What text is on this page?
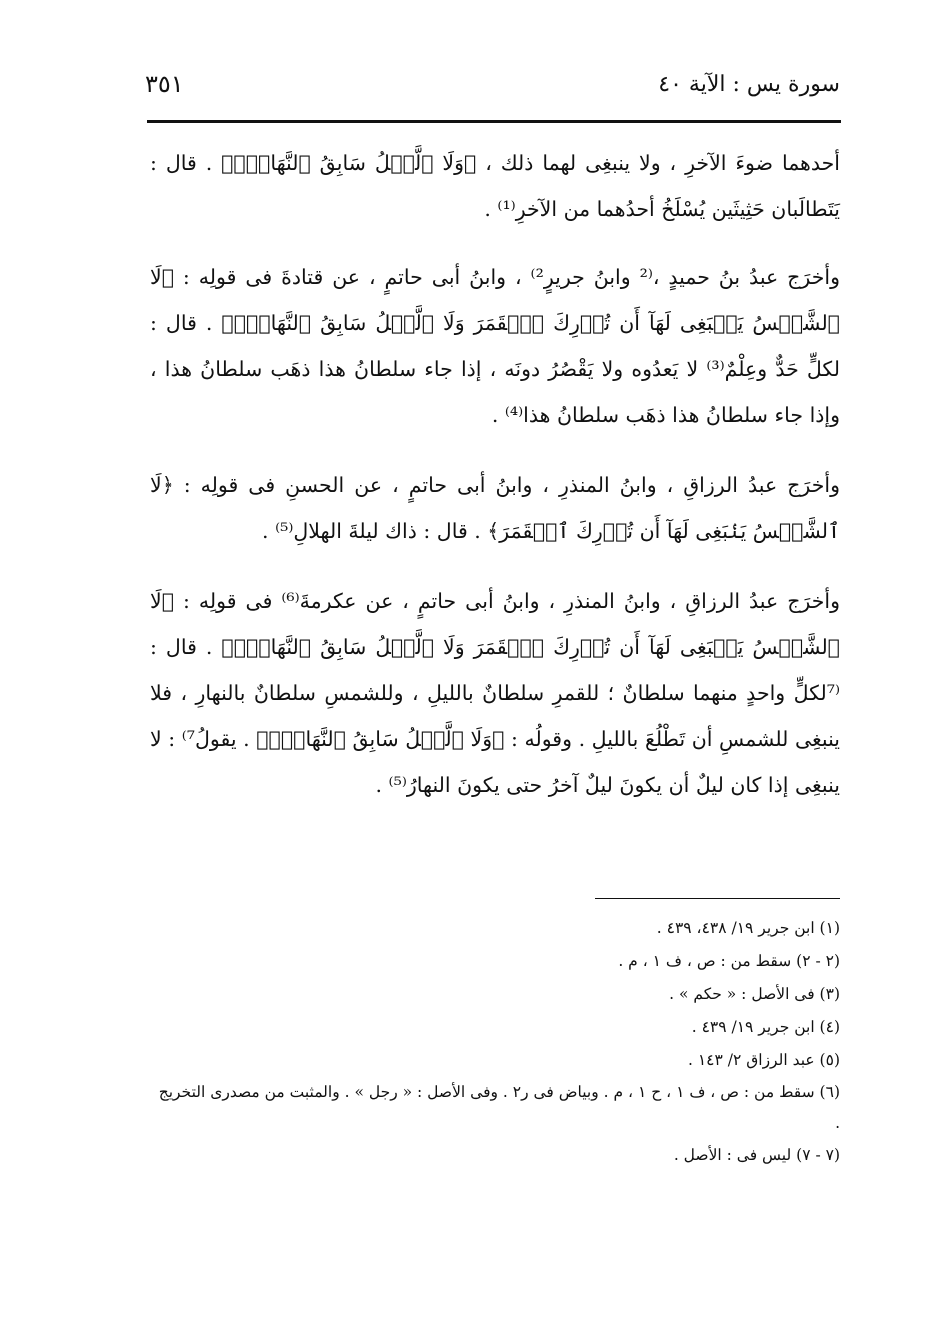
سورة يس : الآية ٤٠
٣٥١

أحدهما ضوءَ الآخرِ ، ولا ينبغِى لهما ذلك ، ﴿وَلَا ٱلَّيۡلُ سَابِقُ ٱلنَّهَارِۚ﴾ . قال : يَتَطالَبان حَثِيثَين يُسْلَخُ أحدُهما من الآخرِ⁽¹⁾ .

وأخرَج عبدُ بنُ حميدٍ ،⁽² وابنُ جريرٍ²⁾ ، وابنُ أبى حاتمٍ ، عن قتادةَ فى قولِه : ﴿لَا ٱلشَّمۡسُ يَنۢبَغِى لَهَآ أَن تُدۡرِكَ ٱلۡقَمَرَ وَلَا ٱلَّيۡلُ سَابِقُ ٱلنَّهَارِۚ﴾ . قال : لكلٍّ حَدٌّ وعِلْمٌ⁽³⁾ لا يَعدُوه ولا يَقْصُرُ دونَه ، إذا جاء سلطانُ هذا ذهَب سلطانُ هذا ، وإذا جاء سلطانُ هذا ذهَب سلطانُ هذا⁽⁴⁾ .

وأخرَج عبدُ الرزاقِ ، وابنُ المنذرِ ، وابنُ أبى حاتمٍ ، عن الحسنِ فى قولِه : ﴿لَا ٱلشَّمۡسُ يَنۢبَغِى لَهَآ أَن تُدۡرِكَ ٱلۡقَمَرَ﴾ . قال : ذاك ليلةَ الهلالِ⁽⁵⁾ .

وأخرَج عبدُ الرزاقِ ، وابنُ المنذرِ ، وابنُ أبى حاتمٍ ، عن عكرمةَ⁽⁶⁾ فى قولِه : ﴿لَا ٱلشَّمۡسُ يَنۢبَغِى لَهَآ أَن تُدۡرِكَ ٱلۡقَمَرَ وَلَا ٱلَّيۡلُ سَابِقُ ٱلنَّهَارِۚ﴾ . قال : ⁽⁷لكلٍّ واحدٍ منهما سلطانٌ ؛ للقمرِ سلطانٌ بالليلِ ، وللشمسِ سلطانٌ بالنهارِ ، فلا ينبغِى للشمسِ أن تَطْلُعَ بالليلِ . وقولُه : ﴿وَلَا ٱلَّيۡلُ سَابِقُ ٱلنَّهَارِۚ﴾ . يقولُ⁷⁾ : لا ينبغِى إذا كان ليلٌ أن يكونَ ليلٌ آخرُ حتى يكونَ النهارُ⁽⁵⁾ .

(١) ابن جرير ١٩/ ٤٣٨، ٤٣٩ .

(٢ - ٢) سقط من : ص ، ف ١ ، م .

(٣) فى الأصل : « حكم » .

(٤) ابن جرير ١٩/ ٤٣٩ .

(٥) عبد الرزاق ٢/ ١٤٣ .

(٦) سقط من : ص ، ف ١ ، ح ١ ، م . وبياض فى ر٢ . وفى الأصل : « رجل » . والمثبت من مصدرى التخريج .

(٧ - ٧) ليس فى : الأصل .
